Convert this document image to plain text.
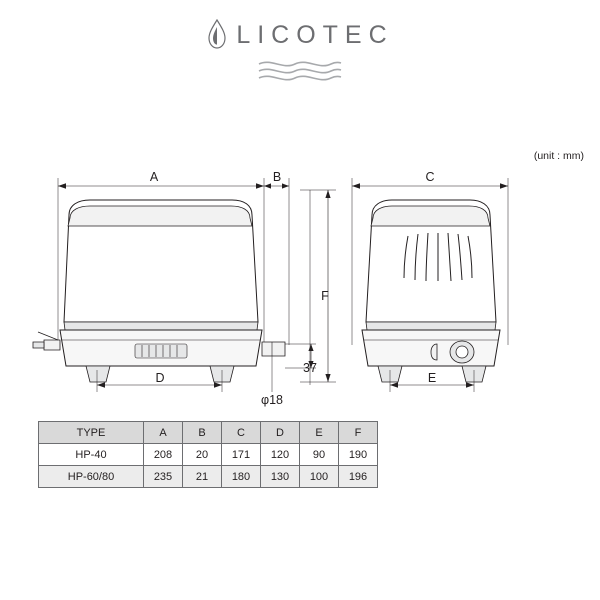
LICOTEC
(unit : mm)
A	B	C
D	E
F
37
φ18
TYPE	A	B	C	D	E	F
HP-40	208	20	171	120	90	190
HP-60/80	235	21	180	130	100	196
